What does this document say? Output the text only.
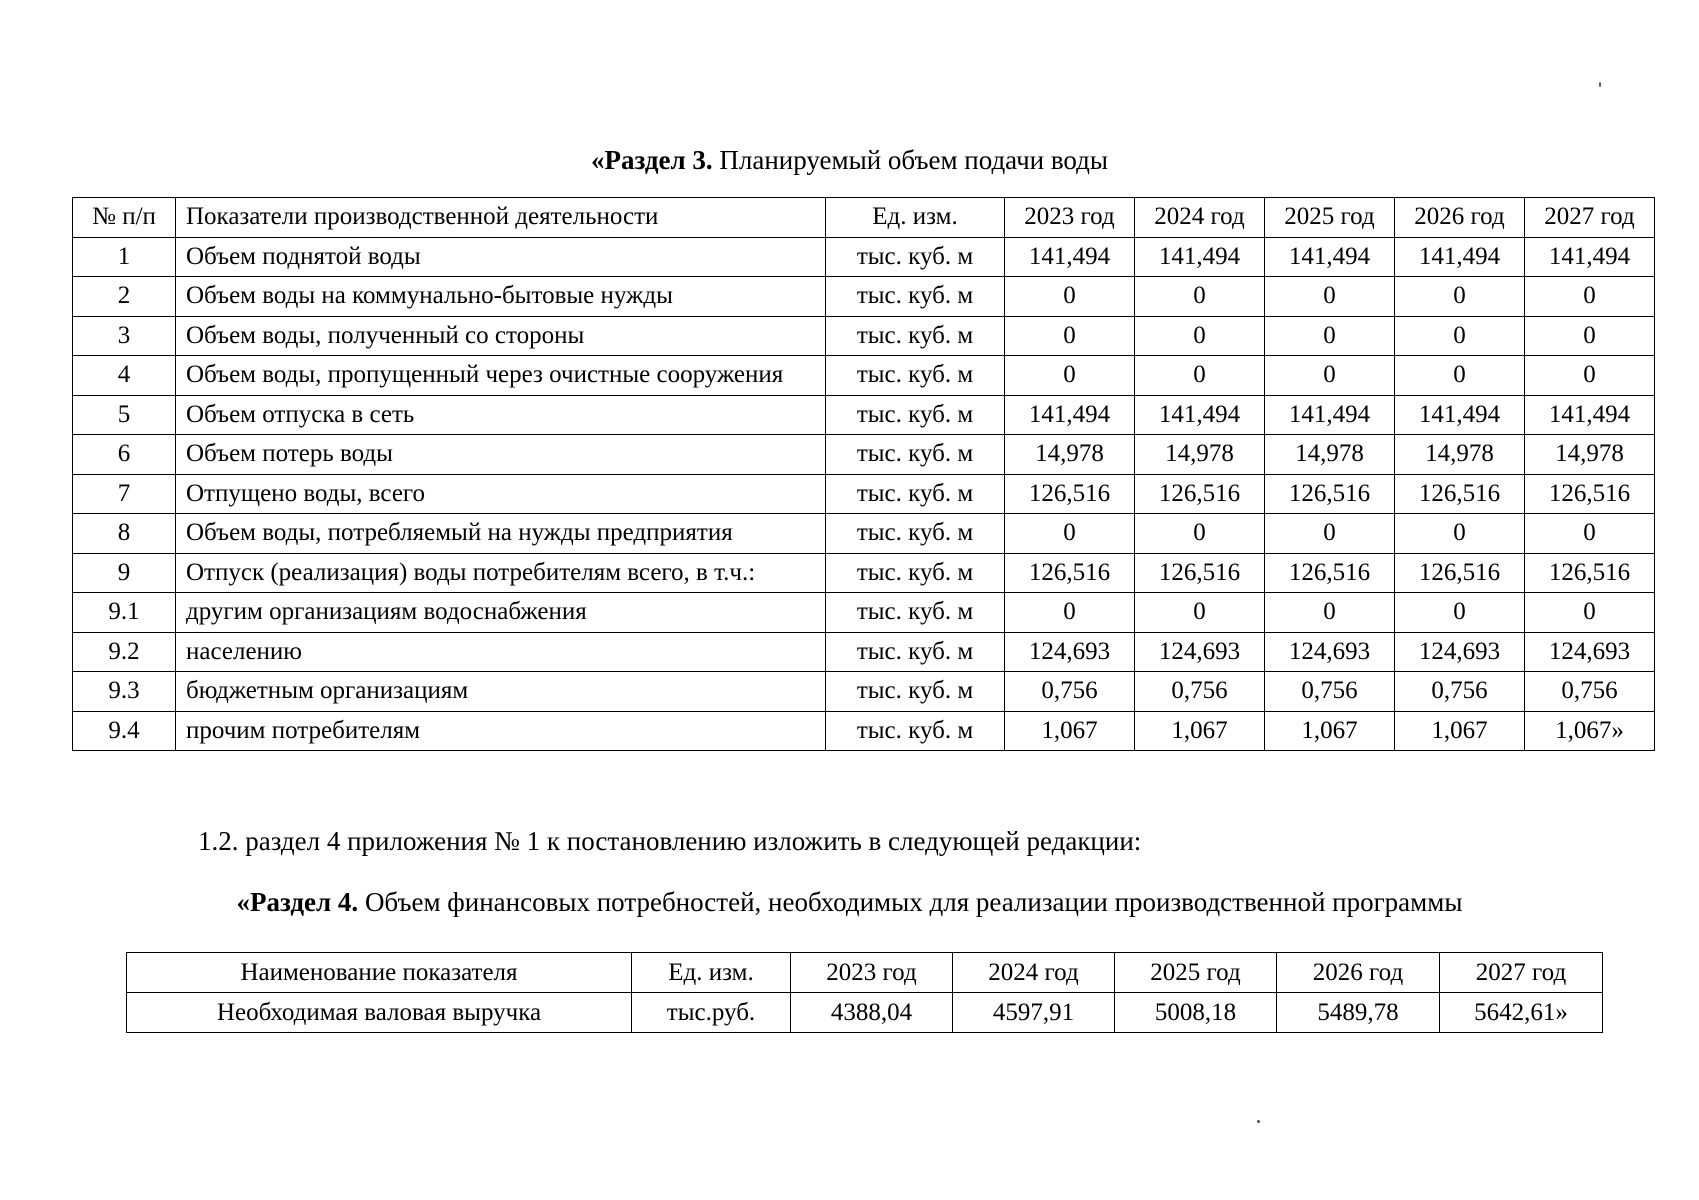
«Раздел 3. Планируемый объем подачи воды
№ п/п	Показатели производственной деятельности	Ед. изм.	2023 год	2024 год	2025 год	2026 год	2027 год
1	Объем поднятой воды	тыс. куб. м	141,494	141,494	141,494	141,494	141,494
2	Объем воды на коммунально-бытовые нужды	тыс. куб. м	0	0	0	0	0
3	Объем воды, полученный со стороны	тыс. куб. м	0	0	0	0	0
4	Объем воды, пропущенный через очистные сооружения	тыс. куб. м	0	0	0	0	0
5	Объем отпуска в сеть	тыс. куб. м	141,494	141,494	141,494	141,494	141,494
6	Объем потерь воды	тыс. куб. м	14,978	14,978	14,978	14,978	14,978
7	Отпущено воды, всего	тыс. куб. м	126,516	126,516	126,516	126,516	126,516
8	Объем воды, потребляемый на нужды предприятия	тыс. куб. м	0	0	0	0	0
9	Отпуск (реализация) воды потребителям всего, в т.ч.:	тыс. куб. м	126,516	126,516	126,516	126,516	126,516
9.1	другим организациям водоснабжения	тыс. куб. м	0	0	0	0	0
9.2	населению	тыс. куб. м	124,693	124,693	124,693	124,693	124,693
9.3	бюджетным организациям	тыс. куб. м	0,756	0,756	0,756	0,756	0,756
9.4	прочим потребителям	тыс. куб. м	1,067	1,067	1,067	1,067	1,067»
1.2. раздел 4 приложения № 1 к постановлению изложить в следующей редакции:
«Раздел 4. Объем финансовых потребностей, необходимых для реализации производственной программы
Наименование показателя	Ед. изм.	2023 год	2024 год	2025 год	2026 год	2027 год
Необходимая валовая выручка	тыс.руб.	4388,04	4597,91	5008,18	5489,78	5642,61»
